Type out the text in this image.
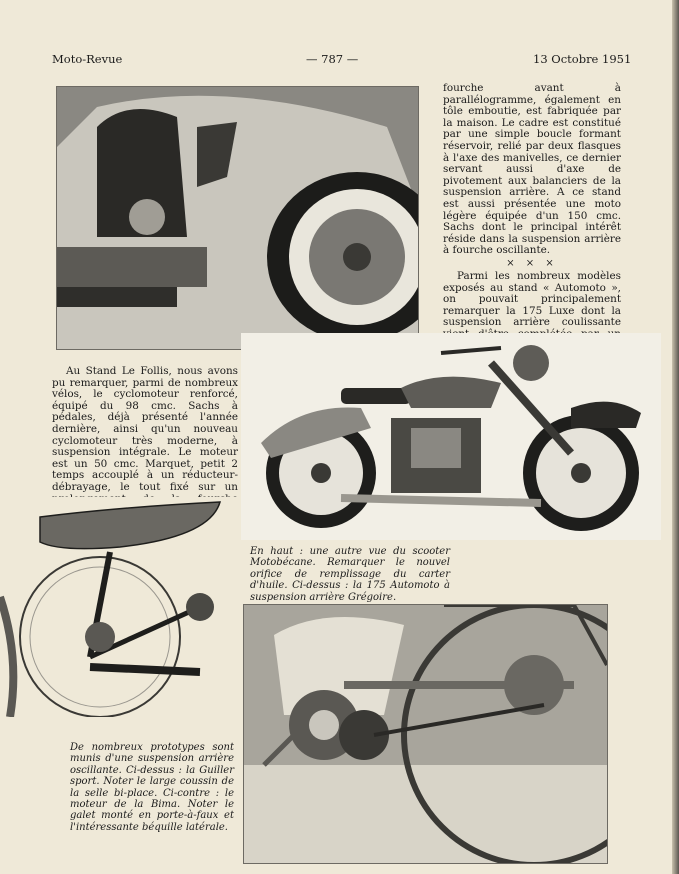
Moto-Revue	— 787 —	13 Octobre 1951

fourche avant à parallélogramme, également en tôle emboutie, est fabriquée par la maison. Le cadre est constitué par une simple boucle formant réservoir, relié par deux flasques à l'axe des manivelles, ce dernier servant aussi d'axe de pivotement aux balanciers de la suspension arrière. A ce stand est aussi présentée une moto légère équipée d'un 150 cmc. Sachs dont le principal intérêt réside dans la suspension arrière à fourche oscillante.

× × ×

Parmi les nombreux modèles exposés au stand « Automoto », on pouvait principalement remarquer la 175 Luxe dont la suspension arrière coulissante

Au Stand Le Follis, nous avons pu remarquer, parmi de nombreux vélos, le cyclomoteur renforcé, équipé du 98 cmc. Sachs à pédales, déjà présenté l'année dernière, ainsi qu'un nouveau cyclomoteur très moderne, à suspension intégrale. Le moteur est un 50 cmc. Marquet, petit 2 temps accouplé à un réducteur-débrayage, le tout fixé sur un

En haut : une autre vue du scooter Motobécane. Remarquer le nouvel orifice de remplissage du carter d'huile. Ci-dessus : la 175 Automoto à suspension arrière Grégoire.
De nombreux prototypes sont munis d'une suspension arrière oscillante. Ci-dessus : la Guiller sport. Noter le large coussin de la selle bi-place. Ci-contre : le moteur de la Bima. Noter le galet monté en porte-à-faux et l'intéressante béquille latérale.
